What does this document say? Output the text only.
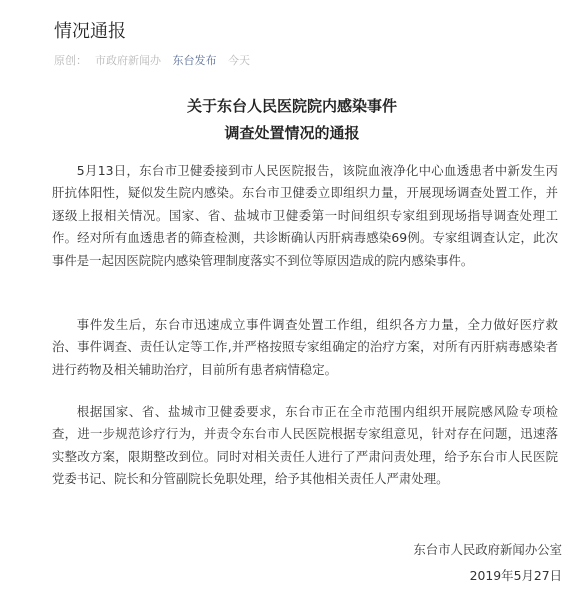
情况通报
原创： 市政府新闻办 东台发布 今天
关于东台人民医院院内感染事件
调查处置情况的通报

5月13日，东台市卫健委接到市人民医院报告，该院血液净化中心血透患者中新发生丙肝抗体阳性，疑似发生院内感染。东台市卫健委立即组织力量，开展现场调查处置工作，并逐级上报相关情况。国家、省、盐城市卫健委第一时间组织专家组到现场指导调查处理工作。经对所有血透患者的筛查检测，共诊断确认丙肝病毒感染69例。专家组调查认定，此次事件是一起因医院院内感染管理制度落实不到位等原因造成的院内感染事件。

事件发生后，东台市迅速成立事件调查处置工作组，组织各方力量，全力做好医疗救治、事件调查、责任认定等工作,并严格按照专家组确定的治疗方案，对所有丙肝病毒感染者进行药物及相关辅助治疗，目前所有患者病情稳定。

根据国家、省、盐城市卫健委要求，东台市正在全市范围内组织开展院感风险专项检查，进一步规范诊疗行为，并责令东台市人民医院根据专家组意见，针对存在问题，迅速落实整改方案，限期整改到位。同时对相关责任人进行了严肃问责处理，给予东台市人民医院党委书记、院长和分管副院长免职处理，给予其他相关责任人严肃处理。

东台市人民政府新闻办公室
2019年5月27日
